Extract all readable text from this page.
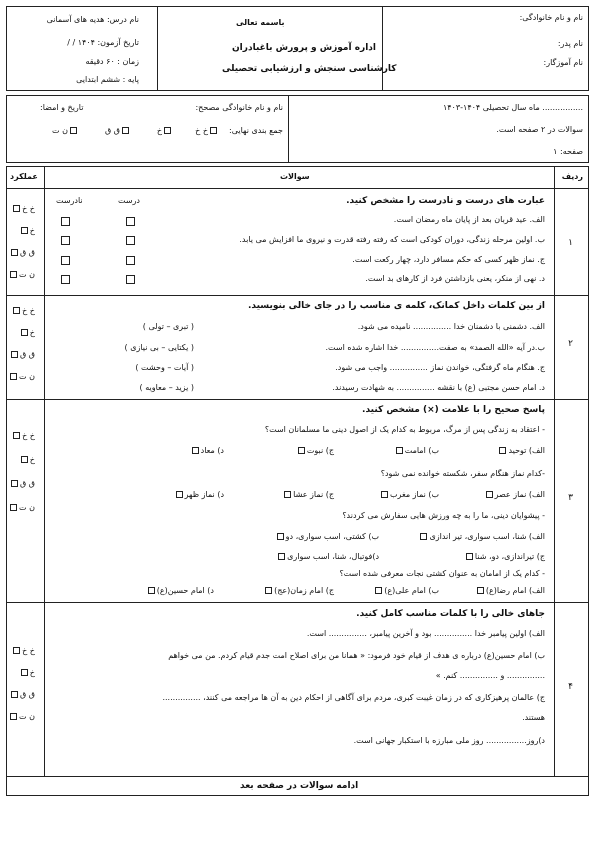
نام و نام خانوادگی:
نام پدر:
نام آموزگار:
باسمه تعالی
اداره آموزش و پرورش باغبادران
کارشناسی سنجش و ارزشیابی تحصیلی
نام درس: هدیه های آسمانی
تاریخ آزمون: ۱۴۰۴ / /
زمان : ۶۰ دقیقه
پایه : ششم ابتدایی
................ ماه سال تحصیلی ۱۴۰۴-۱۴۰۳
سوالات در ۲ صفحه است.
صفحه: ۱
نام و نام خانوادگی مصحح:
تاریخ و امضا:
جمع بندی نهایی:
خ خ
خ
ق ق
ن ت
ردیف
سوالات
عملکرد
۱
عبارت های درست و نادرست را مشخص کنید.
درست
نادرست
الف. عید قربان بعد از پایان ماه رمضان است.
ب. اولین مرحله زندگی، دوران کودکی است که رفته رفته قدرت و نیروی ما افزایش می یابد.
ج. نماز ظهر کسی که حکم مسافر دارد، چهار رکعت است.
د. نهی از منکر، یعنی بازداشتن فرد از کارهای بد است.
خ خ
خ
ق ق
ن ت
۲
از بین کلمات داخل کمانک، کلمه ی مناسب را در جای خالی بنویسید.
الف. دشمنی با دشمنان خدا ............... نامیده می شود.
( تبری – تولی )
ب.در آیه «الله الصمد» به صفت............... خدا اشاره شده است.
( یکتایی – بی نیازی )
ج. هنگام ماه گرفتگی، خواندن نماز ............... واجب می شود.
( آیات – وحشت )
د. امام حسن مجتبی (ع) با نقشه ............... به شهادت رسیدند.
( یزید – معاویه )
خ خ
خ
ق ق
ن ت
۳
پاسخ صحیح را با علامت (×) مشخص کنید.
- اعتقاد به زندگی پس از مرگ، مربوط به کدام یک از اصول دینی ما مسلمانان است؟
الف) توحید
ب) امامت
ج) نبوت
د) معاد
-کدام نماز هنگام سفر، شکسته خوانده نمی شود؟
الف) نماز عصر
ب) نماز مغرب
ج) نماز عشا
د) نماز ظهر
- پیشوایان دینی، ما را به چه ورزش هایی سفارش می کردند؟
الف) شنا، اسب سواری، تیر اندازی
ب) کشتی، اسب سواری، دو
ج) تیراندازی، دو، شنا
د)فوتبال، شنا، اسب سواری
- کدام یک از امامان به عنوان کشتی نجات معرفی شده است؟
الف) امام رضا(ع)
ب) امام علی(ع)
ج) امام زمان(عج)
د) امام حسین(ع)
خ خ
خ
ق ق
ن ت
۴
جاهای خالی را با کلمات مناسب کامل کنید.
الف) اولین پیامبر خدا ............... بود و آخرین پیامبر، ............... است.
ب) امام حسین(ع) درباره ی هدف از قیام خود فرمود: « همانا من برای اصلاح امت جدم قیام کردم. من می خواهم
............... و ............... کنم. »
ج) عالمان پرهیزکاری که در زمان غیبت کبری، مردم برای آگاهی از احکام دین به آن ها مراجعه می کنند، ...............
هستند.
د)روز................ روز ملی مبارزه با استکبار جهانی است.
خ خ
خ
ق ق
ن ت
ادامه سوالات در صفحه بعد
